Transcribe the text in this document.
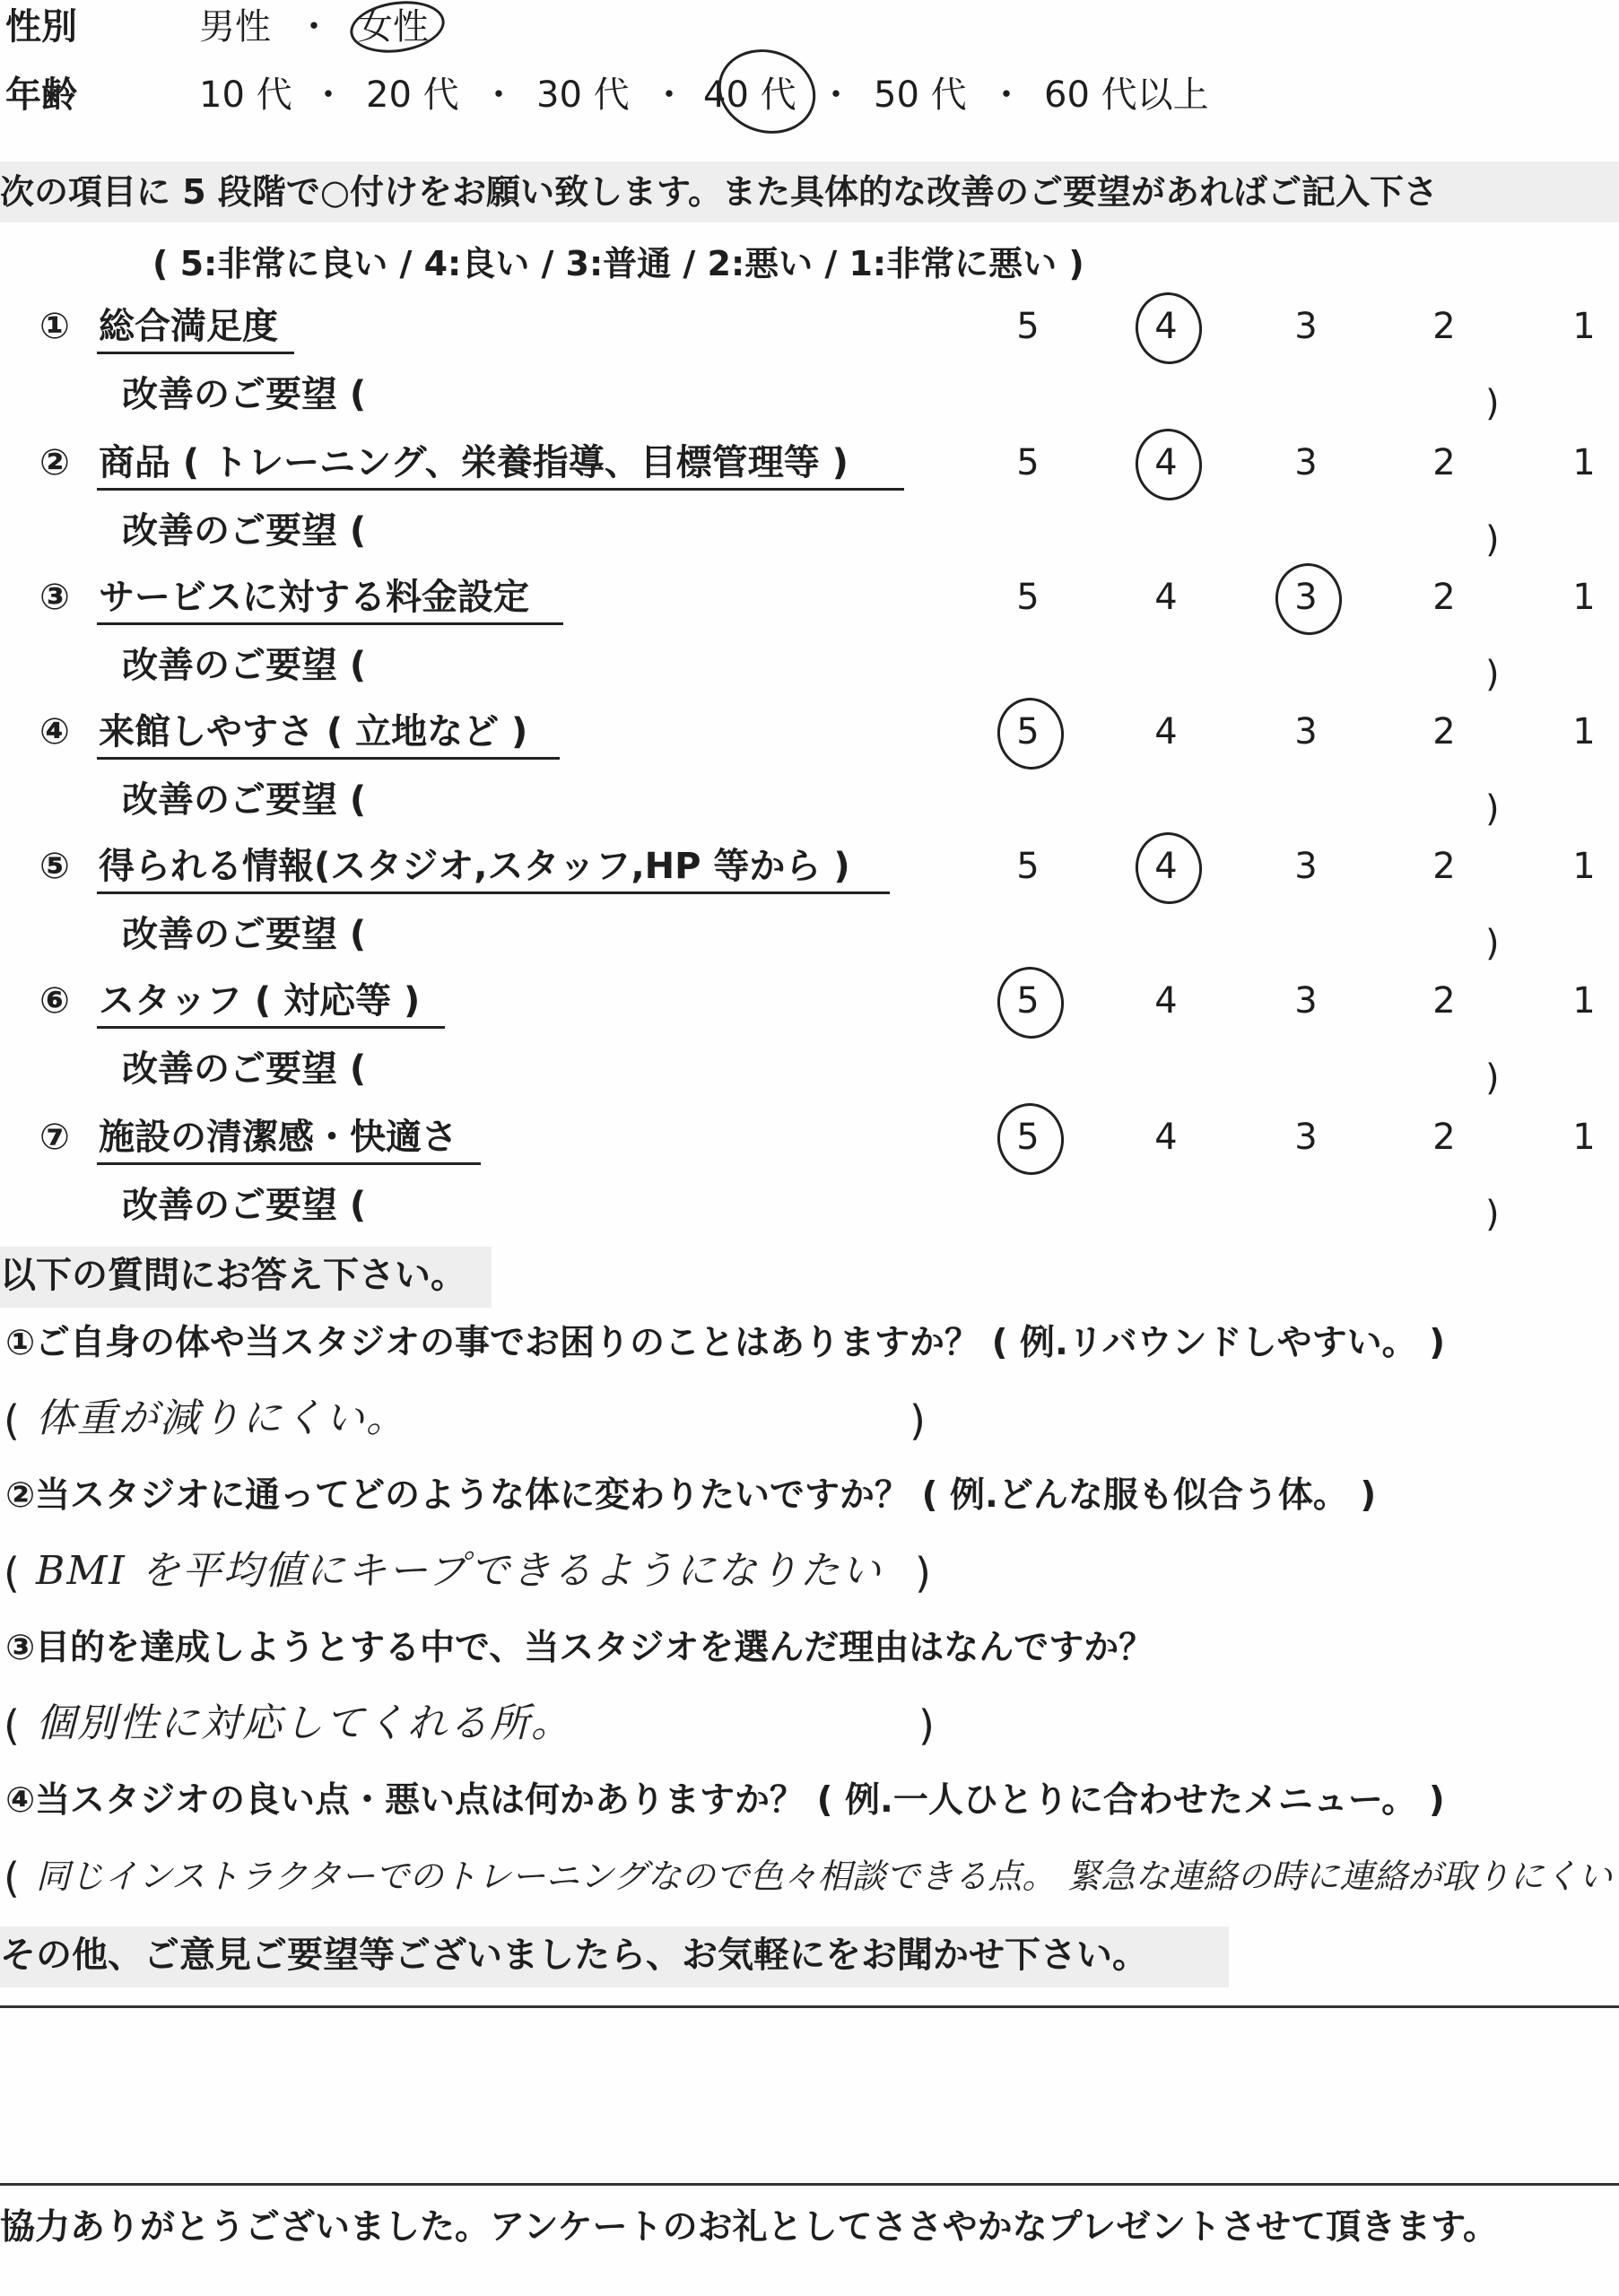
性別	男性 ・ 女性
年齢	10 代 ・ 20 代 ・ 30 代 ・ 40 代 ・ 50 代 ・ 60 代以上
次の項目に 5 段階で○付けをお願い致します。また具体的な改善のご要望があればご記入下さ
( 5:非常に良い / 4:良い / 3:普通 / 2:悪い / 1:非常に悪い )
① 総合満足度	5	4	3	2	1
改善のご要望 (	)
② 商品 ( トレーニング、栄養指導、目標管理等 )	5	4	3	2	1
改善のご要望 (	)
③ サービスに対する料金設定	5	4	3	2	1
改善のご要望 (	)
④ 来館しやすさ ( 立地など )	5	4	3	2	1
改善のご要望 (	)
⑤ 得られる情報(スタジオ,スタッフ,HP 等から )	5	4	3	2	1
改善のご要望 (	)
⑥ スタッフ ( 対応等 )	5	4	3	2	1
改善のご要望 (	)
⑦ 施設の清潔感・快適さ	5	4	3	2	1
改善のご要望 (	)
以下の質問にお答え下さい。
①ご自身の体や当スタジオの事でお困りのことはありますか？ ( 例.リバウンドしやすい。 )
( 体重が減りにくい。	)
②当スタジオに通ってどのような体に変わりたいですか？ ( 例.どんな服も似合う体。 )
( BMI を平均値にキープできるようになりたい )
③目的を達成しようとする中で、当スタジオを選んだ理由はなんですか？
( 個別性に対応してくれる所。	)
④当スタジオの良い点・悪い点は何かありますか？ ( 例.一人ひとりに合わせたメニュー。 )
( 同じインストラクターでのトレーニングなので色々相談できる点。 緊急な連絡の時に連絡が取りにくい
その他、ご意見ご要望等ございましたら、お気軽にをお聞かせ下さい。
協力ありがとうございました。アンケートのお礼としてささやかなプレゼントさせて頂きます。
